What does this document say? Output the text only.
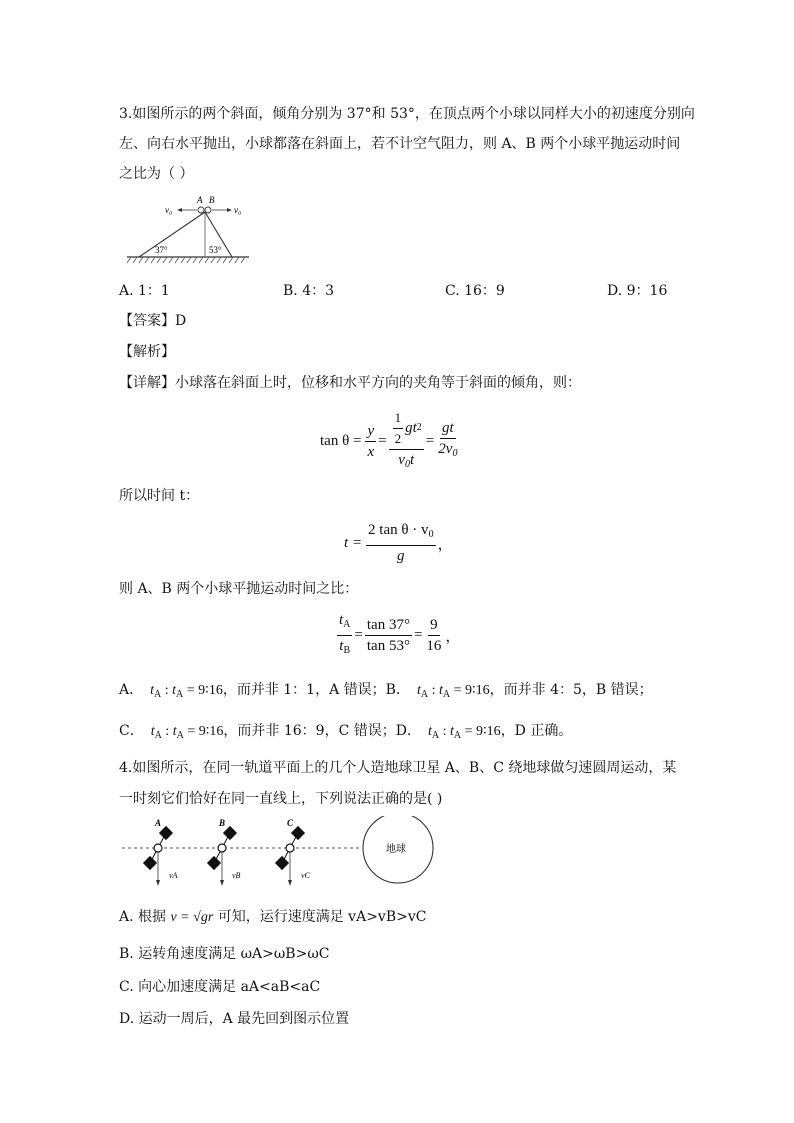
3.如图所示的两个斜面，倾角分别为 37°和 53°，在顶点两个小球以同样大小的初速度分别向
左、向右水平抛出，小球都落在斜面上，若不计空气阻力，则 A、B 两个小球平抛运动时间
之比为（ ）
A B
v₀	v₀
37°	53°
A. 1：1	B. 4：3	C. 16：9	D. 9：16
【答案】D
【解析】
【详解】小球落在斜面上时，位移和水平方向的夹角等于斜面的倾角，则：
$\tan \theta = \frac{y}{x} = \frac{\frac{1}{2} gt 2}{v_0t} = \frac{gt}{2v_0}$
所以时间 t：
$t = \frac{2 \tan \theta \cdot v_0}{g}$ ，
则 A、B 两个小球平抛运动时间之比：
$\frac{t_A}{t_B} = \frac{\tan 37^\circ}{\tan 53^\circ} = \frac{9}{16}$ ，
A． $t_A$ : $t_A$ = 9∶16，而并非 1：1，A 错误；B． $t_A$ : $t_A$ = 9∶16，而并非 4：5，B 错误；
C． $t_A$ : $t_A$ = 9∶16，而并非 16：9，C 错误；D． $t_A$ : $t_A$ = 9∶16，D 正确。
4.如图所示，在同一轨道平面上的几个人造地球卫星 A、B、C 绕地球做匀速圆周运动，某
一时刻它们恰好在同一直线上，下列说法正确的是( )
A	B	C
vA	vB	vC
地球
A. 根据 v = √gr 可知，运行速度满足 vA>vB>vC
B. 运转角速度满足 ωA>ωB>ωC
C. 向心加速度满足 aA<aB<aC
D. 运动一周后，A 最先回到图示位置
